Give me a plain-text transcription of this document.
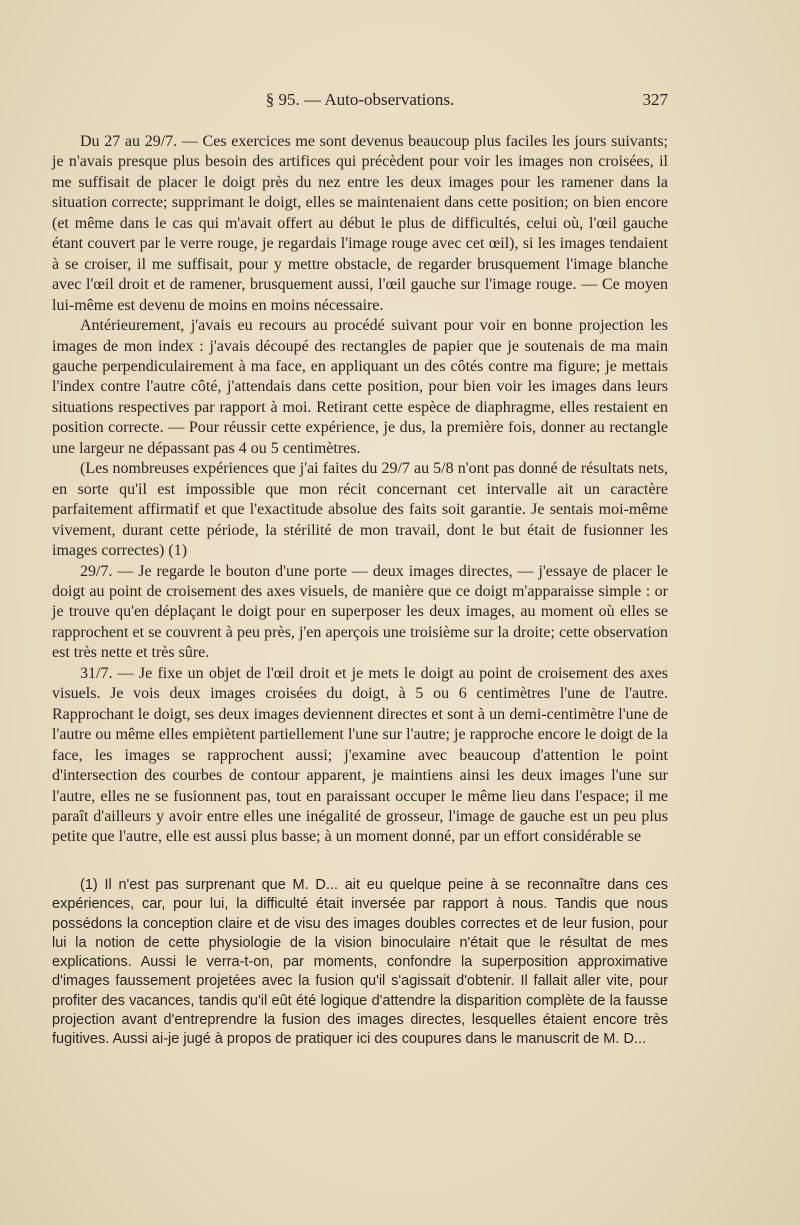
§ 95. — Auto-observations.	327

Du 27 au 29/7. — Ces exercices me sont devenus beaucoup plus faciles les jours suivants; je n'avais presque plus besoin des artifices qui précèdent pour voir les images non croisées, il me suffisait de placer le doigt près du nez entre les deux images pour les ramener dans la situation correcte; supprimant le doigt, elles se maintenaient dans cette position; on bien encore (et même dans le cas qui m'avait offert au début le plus de difficultés, celui où, l'œil gauche étant couvert par le verre rouge, je regardais l'image rouge avec cet œil), si les images tendaient à se croiser, il me suffisait, pour y mettre obstacle, de regarder brusquement l'image blanche avec l'œil droit et de ramener, brusquement aussi, l'œil gauche sur l'image rouge. — Ce moyen lui-même est devenu de moins en moins nécessaire.

Antérieurement, j'avais eu recours au procédé suivant pour voir en bonne projection les images de mon index : j'avais découpé des rectangles de papier que je soutenais de ma main gauche perpendiculairement à ma face, en appliquant un des côtés contre ma figure; je mettais l'index contre l'autre côté, j'attendais dans cette position, pour bien voir les images dans leurs situations respectives par rapport à moi. Retirant cette espèce de diaphragme, elles restaient en position correcte. — Pour réussir cette expérience, je dus, la première fois, donner au rectangle une largeur ne dépassant pas 4 ou 5 centimètres.

(Les nombreuses expériences que j'ai faites du 29/7 au 5/8 n'ont pas donné de résultats nets, en sorte qu'il est impossible que mon récit concernant cet intervalle ait un caractère parfaitement affirmatif et que l'exactitude absolue des faits soit garantie. Je sentais moi-même vivement, durant cette période, la stérilité de mon travail, dont le but était de fusionner les images correctes) (1)

29/7. — Je regarde le bouton d'une porte — deux images directes, — j'essaye de placer le doigt au point de croisement des axes visuels, de manière que ce doigt m'apparaisse simple : or je trouve qu'en déplaçant le doigt pour en superposer les deux images, au moment où elles se rapprochent et se couvrent à peu près, j'en aperçois une troisième sur la droite; cette observation est très nette et très sûre.

31/7. — Je fixe un objet de l'œil droit et je mets le doigt au point de croisement des axes visuels. Je vois deux images croisées du doigt, à 5 ou 6 centimètres l'une de l'autre. Rapprochant le doigt, ses deux images deviennent directes et sont à un demi-centimètre l'une de l'autre ou même elles empiètent partiellement l'une sur l'autre; je rapproche encore le doigt de la face, les images se rapprochent aussi; j'examine avec beaucoup d'attention le point d'intersection des courbes de contour apparent, je maintiens ainsi les deux images l'une sur l'autre, elles ne se fusionnent pas, tout en paraissant occuper le même lieu dans l'espace; il me paraît d'ailleurs y avoir entre elles une inégalité de grosseur, l'image de gauche est un peu plus petite que l'autre, elle est aussi plus basse; à un moment donné, par un effort considérable se

(1) Il n'est pas surprenant que M. D... ait eu quelque peine à se reconnaître dans ces expériences, car, pour lui, la difficulté était inversée par rapport à nous. Tandis que nous possédons la conception claire et de visu des images doubles correctes et de leur fusion, pour lui la notion de cette physiologie de la vision binoculaire n'était que le résultat de mes explications. Aussi le verra-t-on, par moments, confondre la superposition approximative d'images faussement projetées avec la fusion qu'il s'agissait d'obtenir. Il fallait aller vite, pour profiter des vacances, tandis qu'il eût été logique d'attendre la disparition complète de la fausse projection avant d'entreprendre la fusion des images directes, lesquelles étaient encore très fugitives. Aussi ai-je jugé à propos de pratiquer ici des coupures dans le manuscrit de M. D...
